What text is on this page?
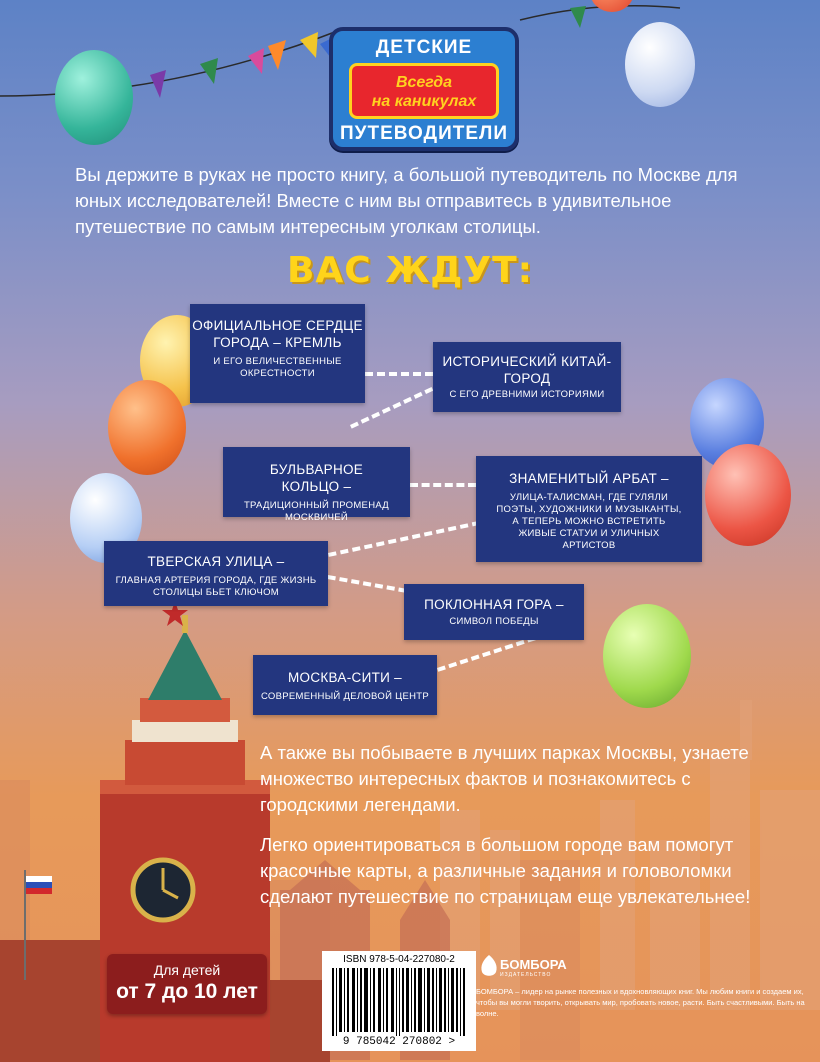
ДЕТСКИЕ
Всегда
на каникулах
ПУТЕВОДИТЕЛИ
Вы держите в руках не просто книгу, а большой путеводитель по Москве для юных исследователей! Вместе с ним вы отправитесь в удивительное путешествие по самым интересным уголкам столицы.
ВАС ЖДУТ:
ОФИЦИАЛЬНОЕ СЕРДЦЕ ГОРОДА – КРЕМЛЬ
И ЕГО ВЕЛИЧЕСТВЕННЫЕ ОКРЕСТНОСТИ
ИСТОРИЧЕСКИЙ КИТАЙ-ГОРОД
С ЕГО ДРЕВНИМИ ИСТОРИЯМИ
БУЛЬВАРНОЕ КОЛЬЦО –
ТРАДИЦИОННЫЙ ПРОМЕНАД МОСКВИЧЕЙ
ЗНАМЕНИТЫЙ АРБАТ –
УЛИЦА-ТАЛИСМАН, ГДЕ ГУЛЯЛИ ПОЭТЫ, ХУДОЖНИКИ И МУЗЫКАНТЫ, А ТЕПЕРЬ МОЖНО ВСТРЕТИТЬ ЖИВЫЕ СТАТУИ И УЛИЧНЫХ АРТИСТОВ
ТВЕРСКАЯ УЛИЦА –
ГЛАВНАЯ АРТЕРИЯ ГОРОДА, ГДЕ ЖИЗНЬ СТОЛИЦЫ БЬЕТ КЛЮЧОМ
ПОКЛОННАЯ ГОРА –
СИМВОЛ ПОБЕДЫ
МОСКВА-СИТИ –
СОВРЕМЕННЫЙ ДЕЛОВОЙ ЦЕНТР
А также вы побываете в лучших парках Москвы, узнаете множество интересных фактов и познакомитесь с городскими легендами.
Легко ориентироваться в большом городе вам помогут красочные карты, а различные задания и головоломки сделают путешествие по страницам еще увлекательнее!
Для детей
от 7 до 10 лет
ISBN 978-5-04-227080-2
9 785042 270802 >
БОМБОРА
ИЗДАТЕЛЬСТВО
БОМБОРА – лидер на рынке полезных и вдохновляющих книг. Мы любим книги и создаем их, чтобы вы могли творить, открывать мир, пробовать новое, расти. Быть счастливыми. Быть на волне.
